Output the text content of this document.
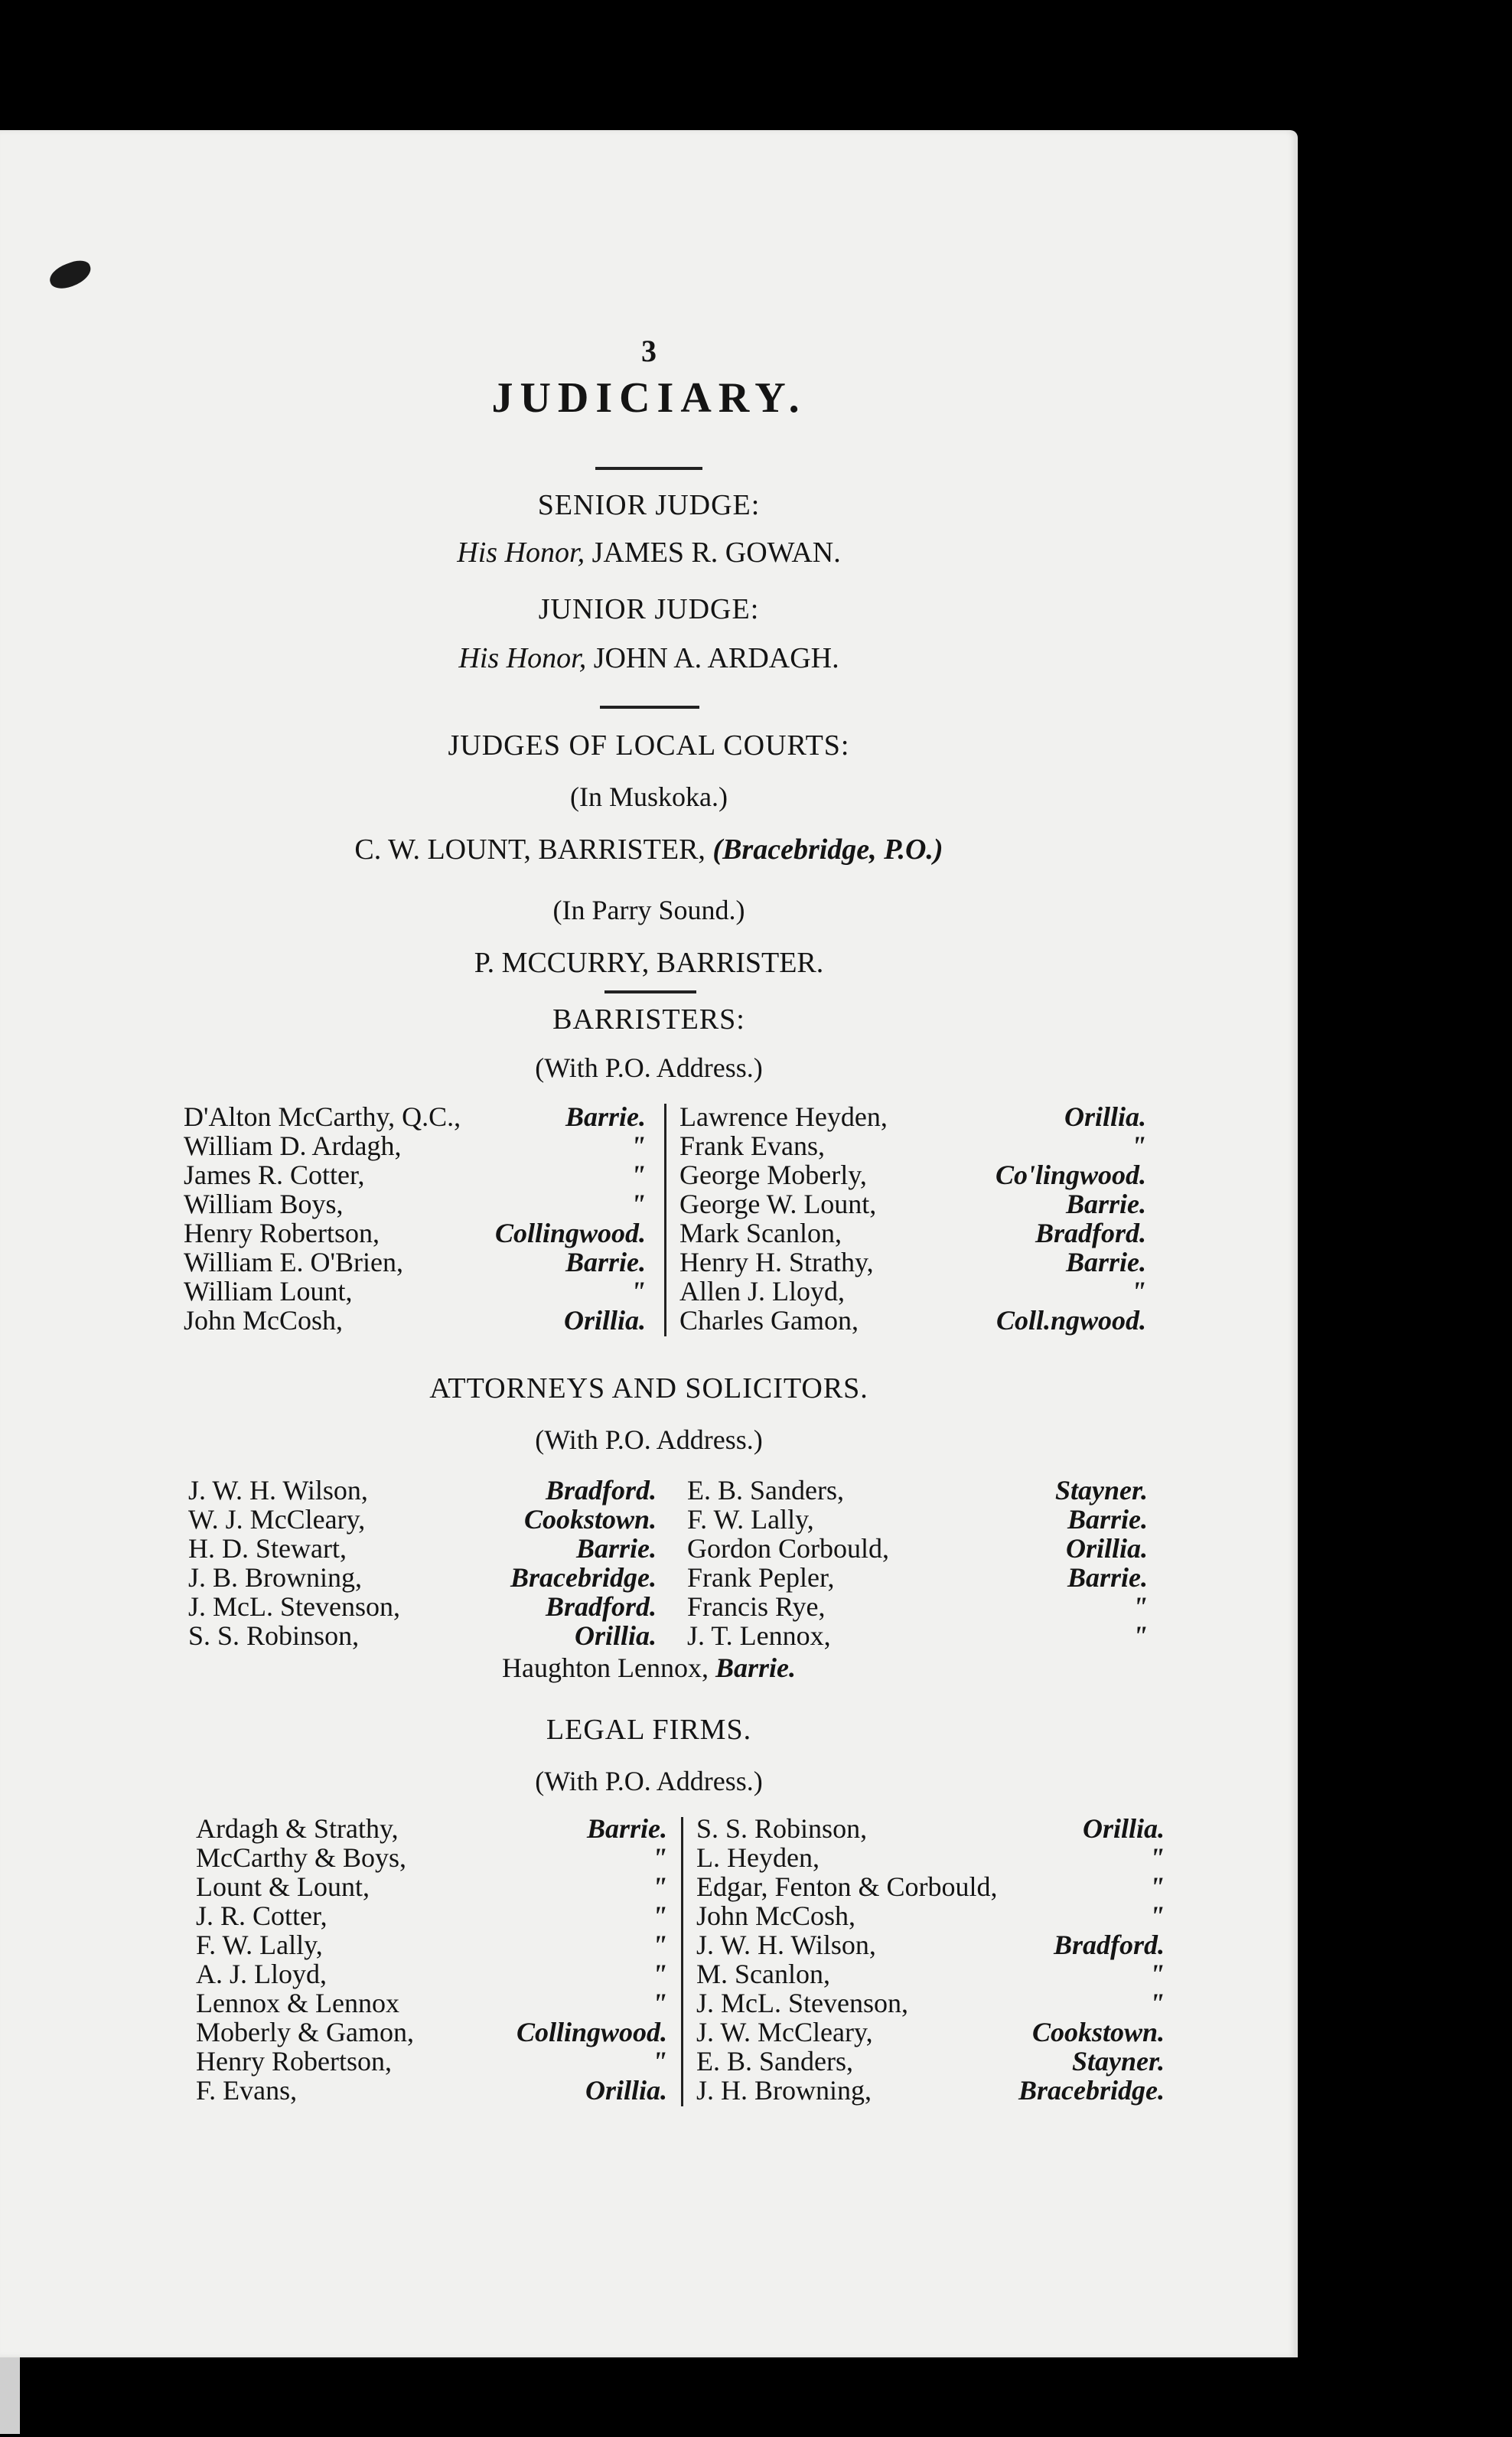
3
JUDICIARY.
SENIOR JUDGE:
His Honor, JAMES R. GOWAN.
JUNIOR JUDGE:
His Honor, JOHN A. ARDAGH.
JUDGES OF LOCAL COURTS:
(In Muskoka.)
C. W. LOUNT, BARRISTER, (Bracebridge, P.O.)
(In Parry Sound.)
P. MCCURRY, BARRISTER.
BARRISTERS:
(With P.O. Address.)
D'Alton McCarthy, Q.C.,	Barrie.
William D. Ardagh,	"
James R. Cotter,	"
William Boys,	"
Henry Robertson,	Collingwood.
William E. O'Brien,	Barrie.
William Lount,	"
John McCosh,	Orillia.
Lawrence Heyden,	Orillia.
Frank Evans,	"
George Moberly,	Co'lingwood.
George W. Lount,	Barrie.
Mark Scanlon,	Bradford.
Henry H. Strathy,	Barrie.
Allen J. Lloyd,	"
Charles Gamon,	Coll.ngwood.
ATTORNEYS AND SOLICITORS.
(With P.O. Address.)
J. W. H. Wilson,	Bradford.
W. J. McCleary,	Cookstown.
H. D. Stewart,	Barrie.
J. B. Browning,	Bracebridge.
J. McL. Stevenson,	Bradford.
S. S. Robinson,	Orillia.
E. B. Sanders,	Stayner.
F. W. Lally,	Barrie.
Gordon Corbould,	Orillia.
Frank Pepler,	Barrie.
Francis Rye,	"
J. T. Lennox,	"
Haughton Lennox, Barrie.
LEGAL FIRMS.
(With P.O. Address.)
Ardagh & Strathy,	Barrie.
McCarthy & Boys,	"
Lount & Lount,	"
J. R. Cotter,	"
F. W. Lally,	"
A. J. Lloyd,	"
Lennox & Lennox	"
Moberly & Gamon,	Collingwood.
Henry Robertson,	"
F. Evans,	Orillia.
S. S. Robinson,	Orillia.
L. Heyden,	"
Edgar, Fenton & Corbould,	"
John McCosh,	"
J. W. H. Wilson,	Bradford.
M. Scanlon,	"
J. McL. Stevenson,	"
J. W. McCleary,	Cookstown.
E. B. Sanders,	Stayner.
J. H. Browning,	Bracebridge.
